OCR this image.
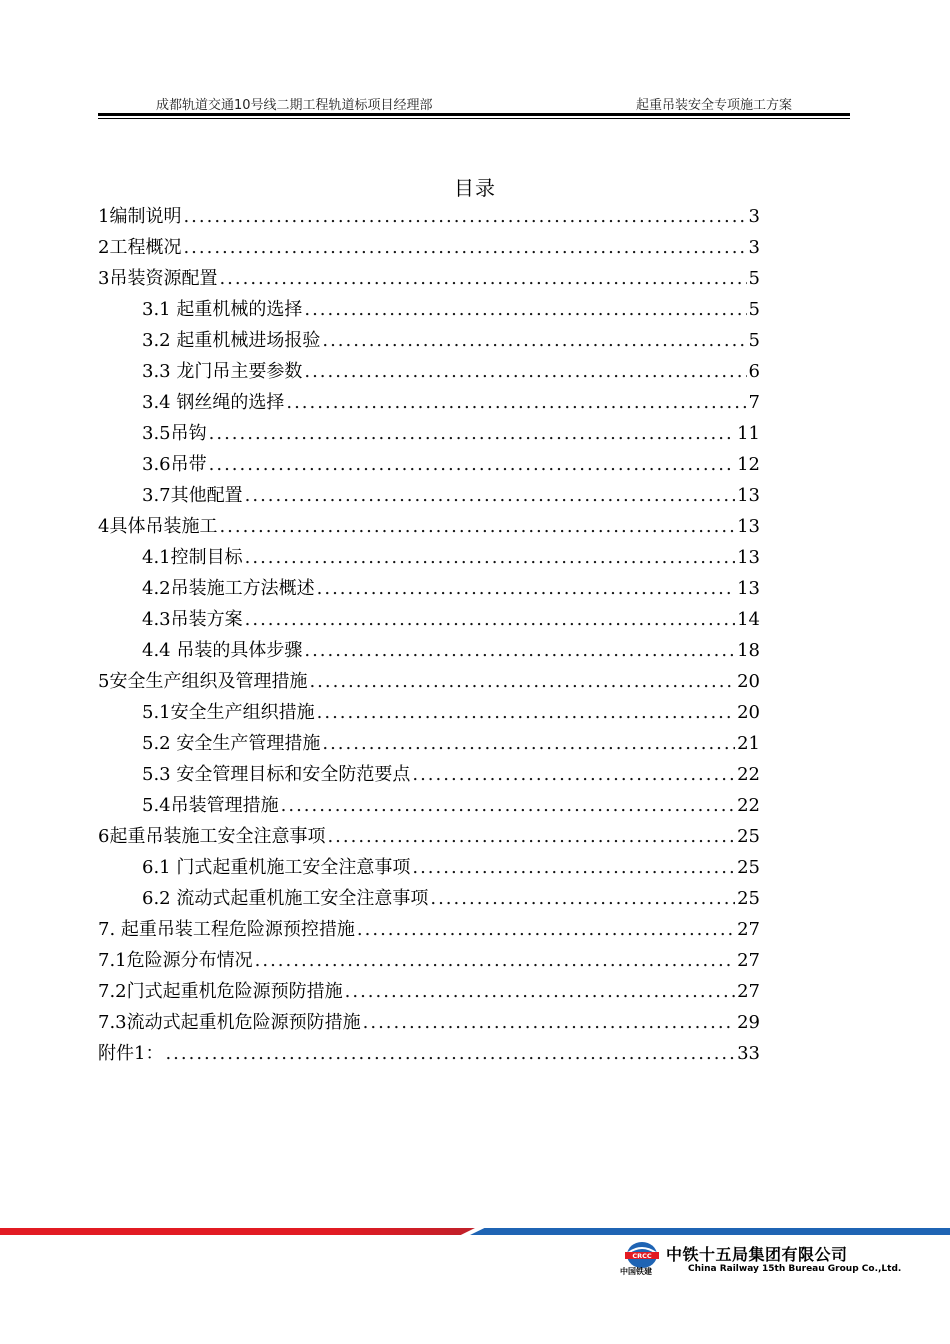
成都轨道交通10号线二期工程轨道标项目经理部	起重吊装安全专项施工方案
目录
1编制说明 .....	3
2工程概况 .....	3
3吊装资源配置 .....	5
3.1 起重机械的选择 .....	5
3.2 起重机械进场报验 .....	5
3.3 龙门吊主要参数 .....	6
3.4 钢丝绳的选择 .....	7
3.5吊钩 .....	11
3.6吊带 .....	12
3.7其他配置 .....	13
4具体吊装施工 .....	13
4.1控制目标 .....	13
4.2吊装施工方法概述 .....	13
4.3吊装方案 .....	14
4.4 吊装的具体步骤 .....	18
5安全生产组织及管理措施 .....	20
5.1安全生产组织措施 .....	20
5.2 安全生产管理措施 .....	21
5.3 安全管理目标和安全防范要点 .....	22
5.4吊装管理措施 .....	22
6起重吊装施工安全注意事项 .....	25
6.1 门式起重机施工安全注意事项 .....	25
6.2 流动式起重机施工安全注意事项 .....	25
7. 起重吊装工程危险源预控措施 .....	27
7.1危险源分布情况 .....	27
7.2门式起重机危险源预防措施 .....	27
7.3流动式起重机危险源预防措施 .....	29
附件1： .....	33
CRCC
中国铁建
中铁十五局集团有限公司
China Railway 15th Bureau Group Co.,Ltd.
